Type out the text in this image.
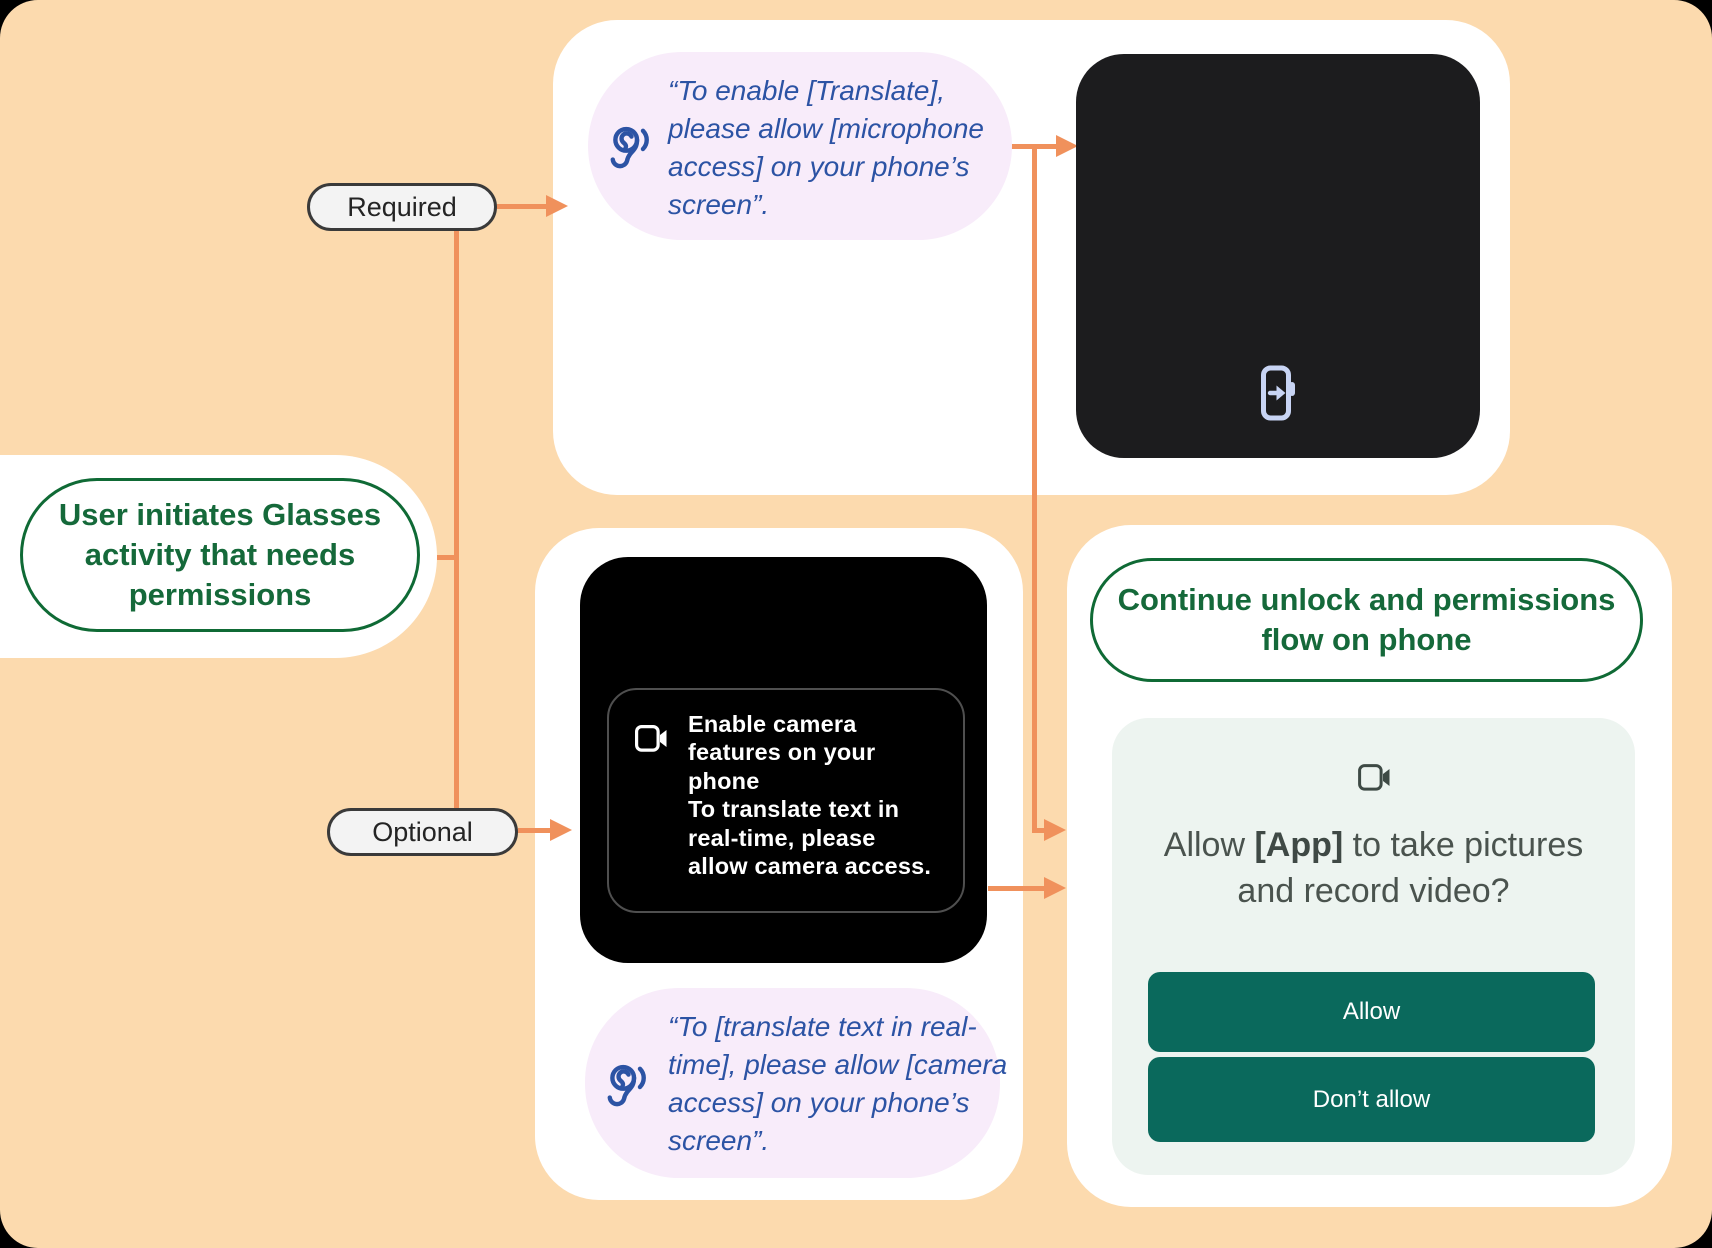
User initiates Glasses
activity that needs
permissions
Required
Optional
“To enable [Translate],
please allow [microphone
access] on your phone’s
screen”.
Enable camera
features on your
phone
To translate text in
real-time, please
allow camera access.
“To [translate text in real-
time], please allow [camera
access] on your phone’s
screen”.
Continue unlock and permissions
flow on phone
Allow [App] to take pictures
and record video?
Allow
Don’t allow
